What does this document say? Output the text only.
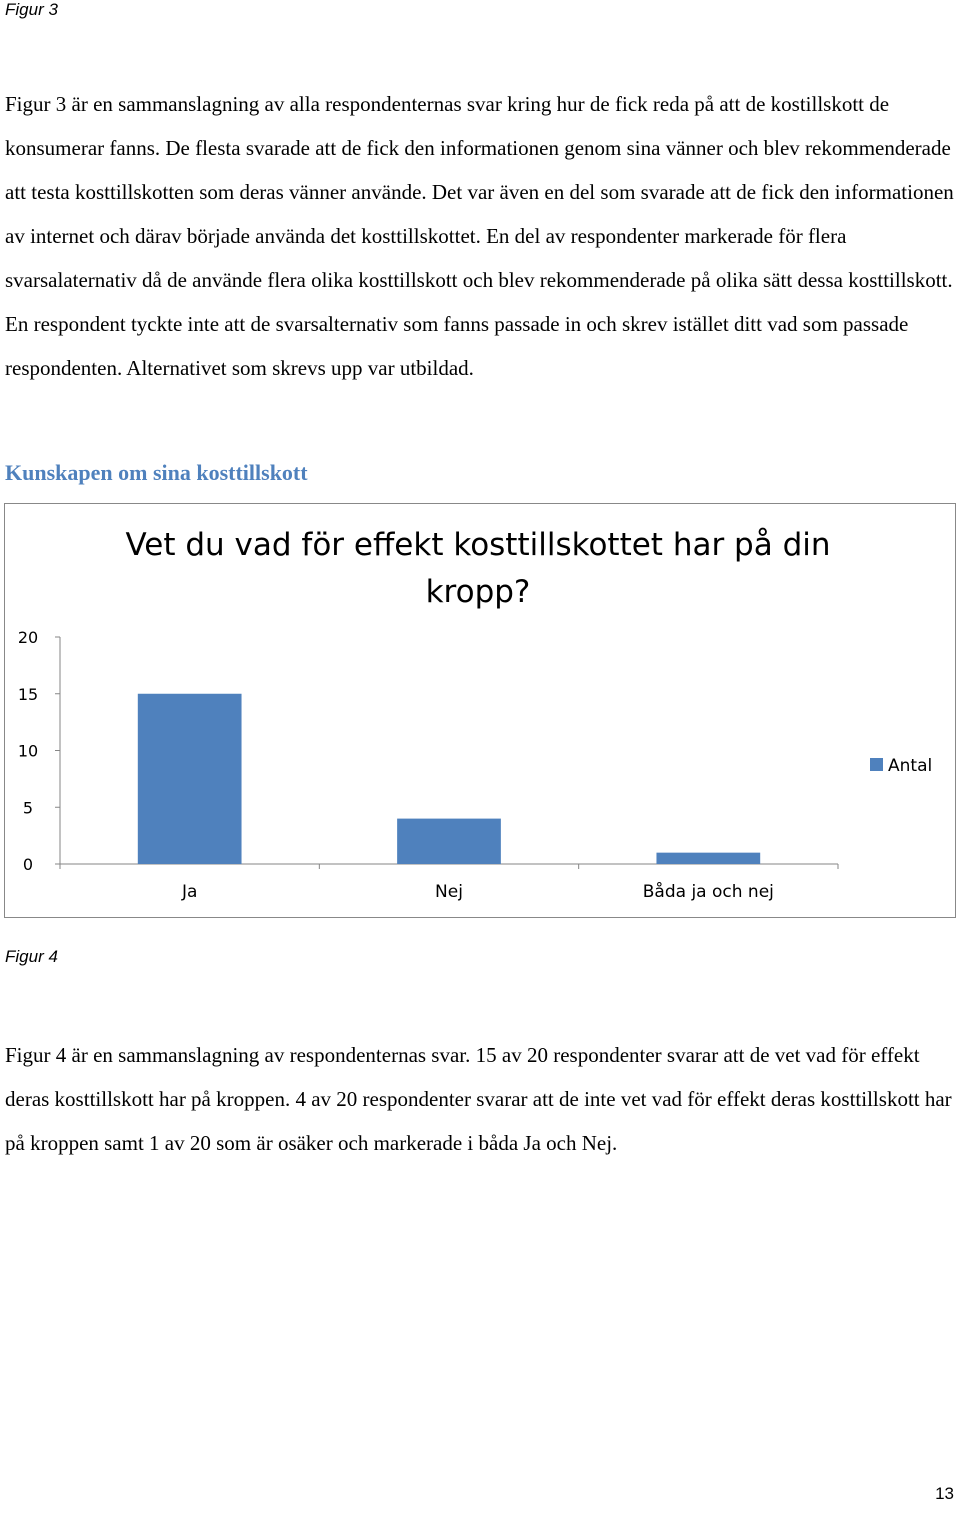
Figur 3

Figur 3 är en sammanslagning av alla respondenternas svar kring hur de fick reda på att de kostillskott de konsumerar fanns. De flesta svarade att de fick den informationen genom sina vänner och blev rekommenderade att testa kosttillskotten som deras vänner använde. Det var även en del som svarade att de fick den informationen av internet och därav började använda det kosttillskottet. En del av respondenter markerade för flera svarsalaternativ då de använde flera olika kosttillskott och blev rekommenderade på olika sätt dessa kosttillskott. En respondent tyckte inte att de svarsalternativ som fanns passade in och skrev istället ditt vad som passade respondenten. Alternativet som skrevs upp var utbildad.

Kunskapen om sina kosttillskott
Vet du vad för effekt kosttillskottet har på din
kropp?
0
5
10
15
20
Ja	Nej	Båda ja och nej
Antal
Figur 4

Figur 4 är en sammanslagning av respondenternas svar. 15 av 20 respondenter svarar att de vet vad för effekt deras kosttillskott har på kroppen. 4 av 20 respondenter svarar att de inte vet vad för effekt deras kosttillskott har på kroppen samt 1 av 20 som är osäker och markerade i båda Ja och Nej.

13
